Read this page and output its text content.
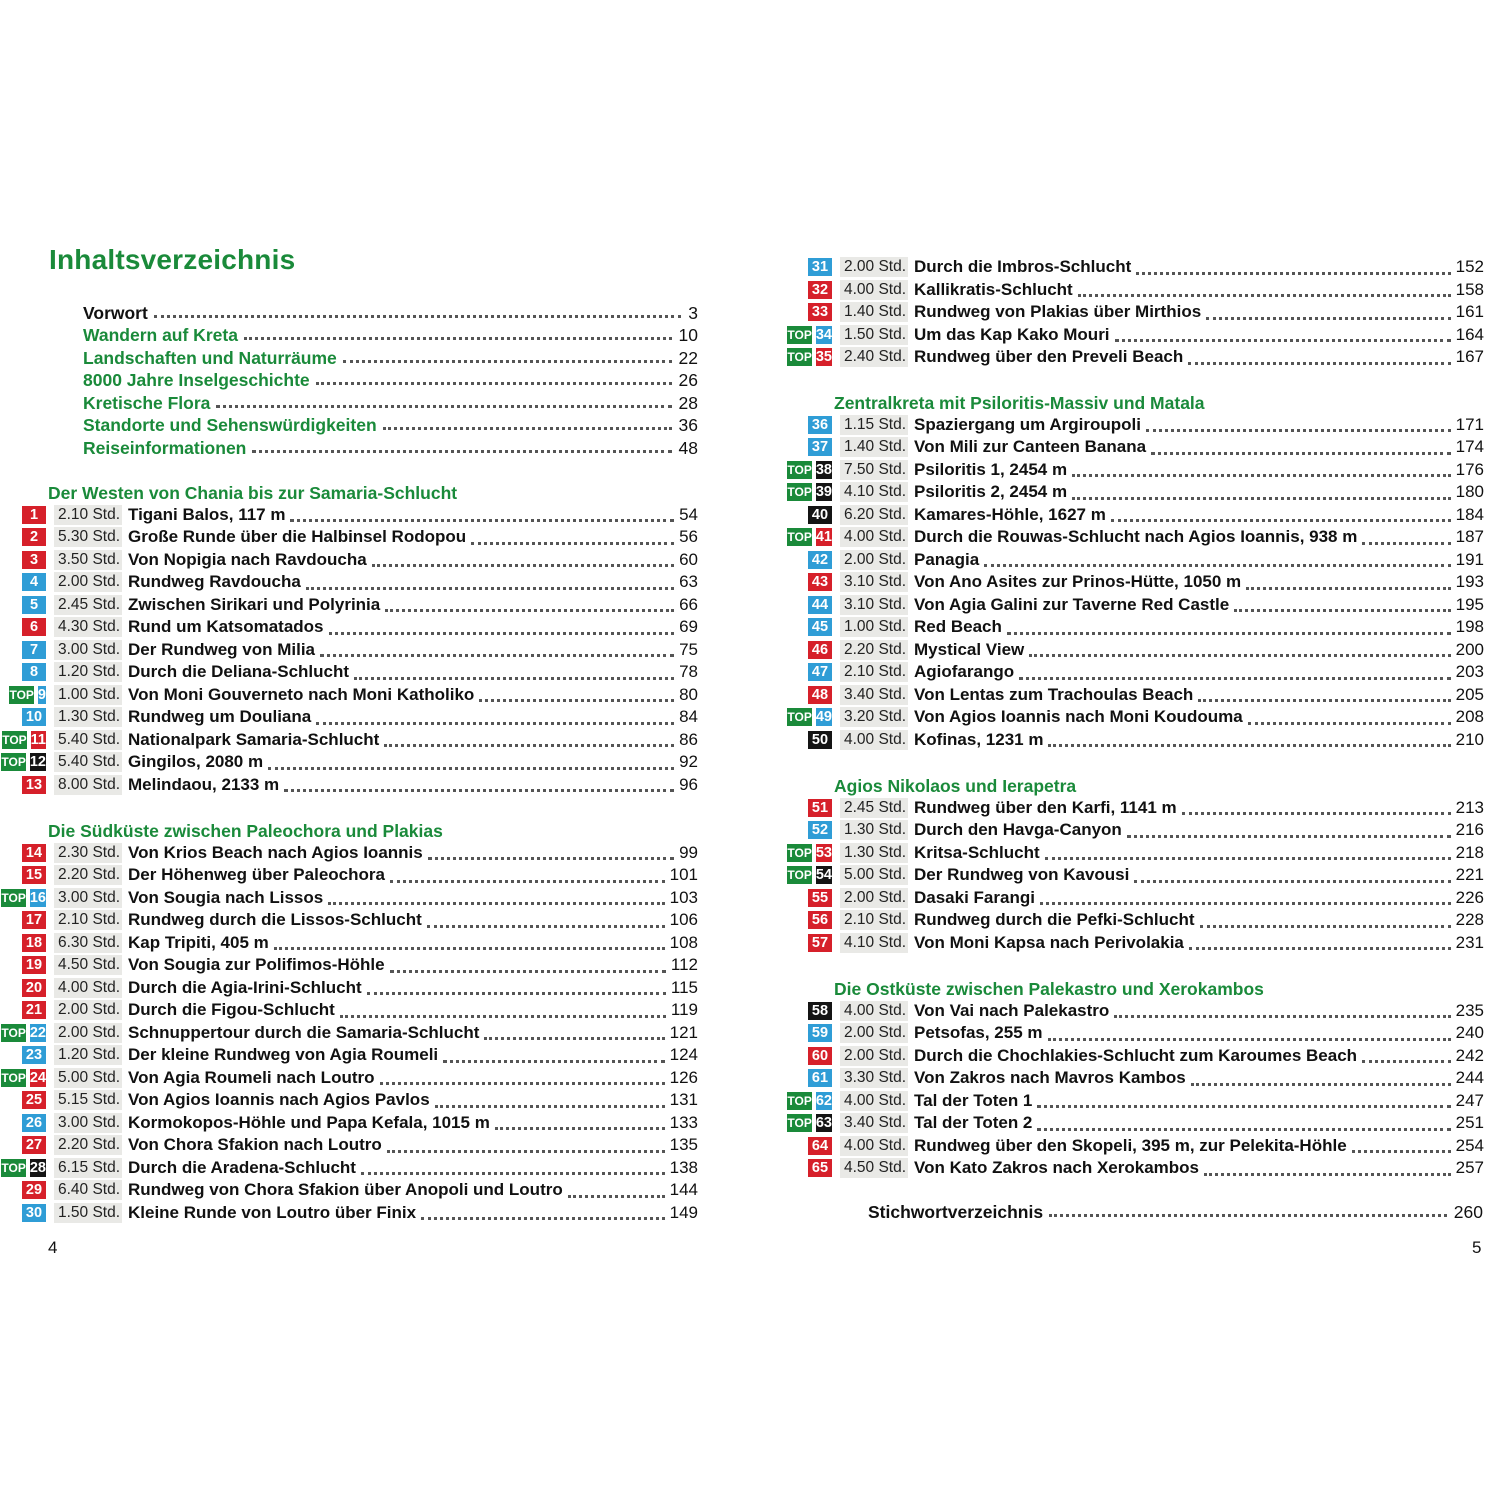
Inhaltsverzeichnis
Vorwort	3
Wandern auf Kreta	10
Landschaften und Naturräume	22
8000 Jahre Inselgeschichte	26
Kretische Flora	28
Standorte und Sehenswürdigkeiten	36
Reiseinformationen	48
Der Westen von Chania bis zur Samaria-Schlucht
1	2.10 Std. Tigani Balos, 117 m	54
2	5.30 Std. Große Runde über die Halbinsel Rodopou	56
3	3.50 Std. Von Nopigia nach Ravdoucha	60
4	2.00 Std. Rundweg Ravdoucha	63
5	2.45 Std. Zwischen Sirikari und Polyrinia	66
6	4.30 Std. Rund um Katsomatados	69
7	3.00 Std. Der Rundweg von Milia	75
8	1.20 Std. Durch die Deliana-Schlucht	78
TOP 9 1.00 Std. Von Moni Gouverneto nach Moni Katholiko	80
10 1.30 Std. Rundweg um Douliana	84
TOP 11 5.40 Std. Nationalpark Samaria-Schlucht	86
TOP 12 5.40 Std. Gingilos, 2080 m	92
13 8.00 Std. Melindaou, 2133 m	96
Die Südküste zwischen Paleochora und Plakias
14 2.30 Std. Von Krios Beach nach Agios Ioannis	99
15 2.20 Std. Der Höhenweg über Paleochora	101
TOP 16 3.00 Std. Von Sougia nach Lissos	103
17 2.10 Std. Rundweg durch die Lissos-Schlucht	106
18 6.30 Std. Kap Tripiti, 405 m	108
19 4.50 Std. Von Sougia zur Polifimos-Höhle	112
20 4.00 Std. Durch die Agia-Irini-Schlucht	115
21 2.00 Std. Durch die Figou-Schlucht	119
TOP 22 2.00 Std. Schnuppertour durch die Samaria-Schlucht	121
23 1.20 Std. Der kleine Rundweg von Agia Roumeli	124
TOP 24 5.00 Std. Von Agia Roumeli nach Loutro	126
25 5.15 Std. Von Agios Ioannis nach Agios Pavlos	131
26 3.00 Std. Kormokopos-Höhle und Papa Kefala, 1015 m	133
27 2.20 Std. Von Chora Sfakion nach Loutro	135
TOP 28 6.15 Std. Durch die Aradena-Schlucht	138
29 6.40 Std. Rundweg von Chora Sfakion über Anopoli und Loutro	144
30 1.50 Std. Kleine Runde von Loutro über Finix	149
4
31 2.00 Std. Durch die Imbros-Schlucht	152
32 4.00 Std. Kallikratis-Schlucht	158
33 1.40 Std. Rundweg von Plakias über Mirthios	161
TOP 34 1.50 Std. Um das Kap Kako Mouri	164
TOP 35 2.40 Std. Rundweg über den Preveli Beach	167
Zentralkreta mit Psiloritis-Massiv und Matala
36 1.15 Std. Spaziergang um Argiroupoli	171
37 1.40 Std. Von Mili zur Canteen Banana	174
TOP 38 7.50 Std. Psiloritis 1, 2454 m	176
TOP 39 4.10 Std. Psiloritis 2, 2454 m	180
40 6.20 Std. Kamares-Höhle, 1627 m	184
TOP 41 4.00 Std. Durch die Rouwas-Schlucht nach Agios Ioannis, 938 m	187
42 2.00 Std. Panagia	191
43 3.10 Std. Von Ano Asites zur Prinos-Hütte, 1050 m	193
44 3.10 Std. Von Agia Galini zur Taverne Red Castle	195
45 1.00 Std. Red Beach	198
46 2.20 Std. Mystical View	200
47 2.10 Std. Agiofarango	203
48 3.40 Std. Von Lentas zum Trachoulas Beach	205
TOP 49 3.20 Std. Von Agios Ioannis nach Moni Koudouma	208
50 4.00 Std. Kofinas, 1231 m	210
Agios Nikolaos und Ierapetra
51 2.45 Std. Rundweg über den Karfi, 1141 m	213
52 1.30 Std. Durch den Havga-Canyon	216
TOP 53 1.30 Std. Kritsa-Schlucht	218
TOP 54 5.00 Std. Der Rundweg von Kavousi	221
55 2.00 Std. Dasaki Farangi	226
56 2.10 Std. Rundweg durch die Pefki-Schlucht	228
57 4.10 Std. Von Moni Kapsa nach Perivolakia	231
Die Ostküste zwischen Palekastro und Xerokambos
58 4.00 Std. Von Vai nach Palekastro	235
59 2.00 Std. Petsofas, 255 m	240
60 2.00 Std. Durch die Chochlakies-Schlucht zum Karoumes Beach	242
61 3.30 Std. Von Zakros nach Mavros Kambos	244
TOP 62 4.00 Std. Tal der Toten 1	247
TOP 63 3.40 Std. Tal der Toten 2	251
64 4.00 Std. Rundweg über den Skopeli, 395 m, zur Pelekita-Höhle	254
65 4.50 Std. Von Kato Zakros nach Xerokambos	257
5
Stichwortverzeichnis	260
